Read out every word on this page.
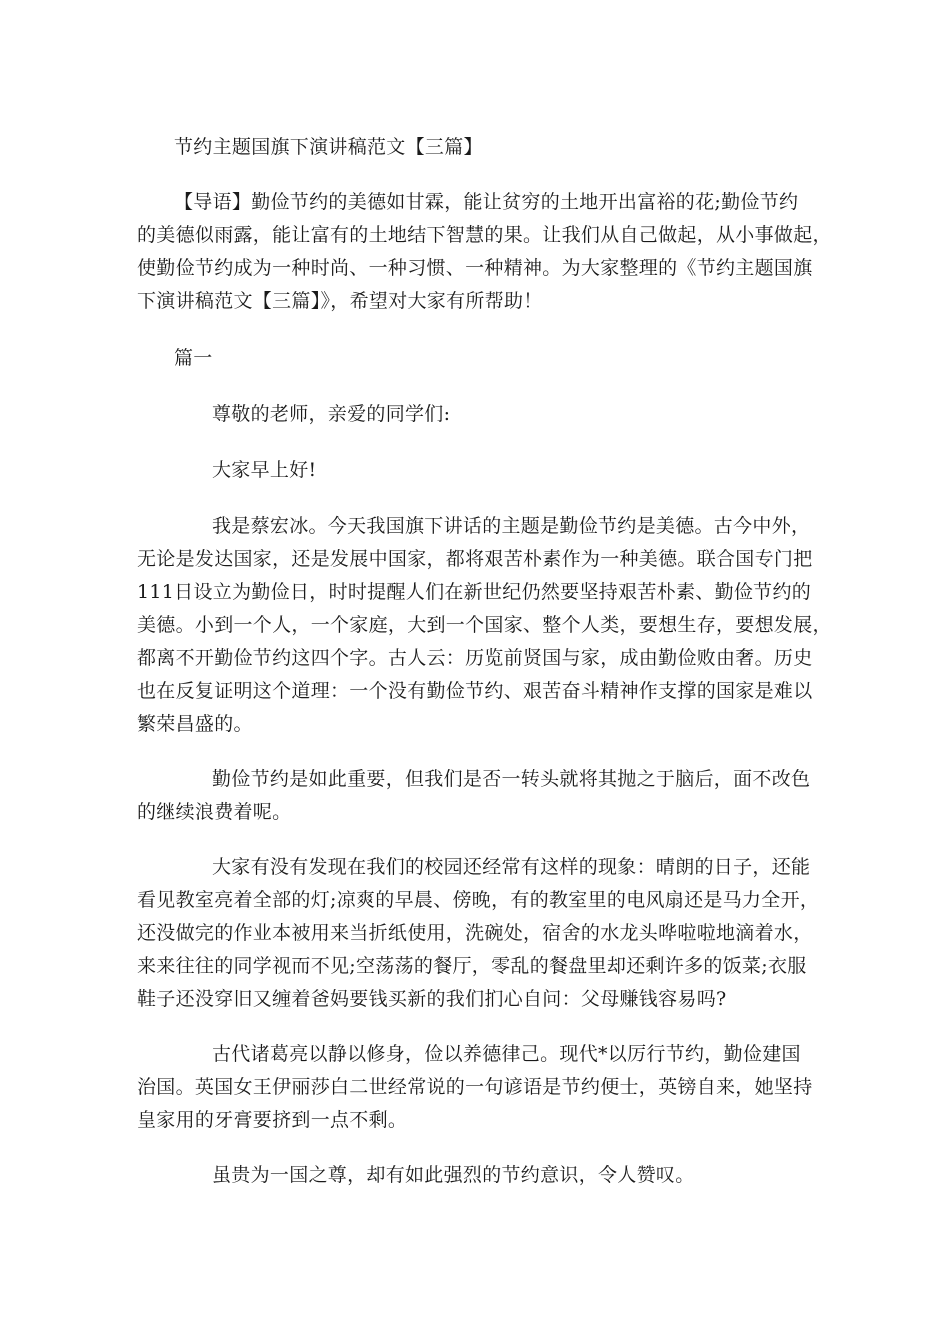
节约主题国旗下演讲稿范文【三篇】
【导语】勤俭节约的美德如甘霖，能让贫穷的土地开出富裕的花;勤俭节约
的美德似雨露，能让富有的土地结下智慧的果。让我们从自己做起，从小事做起，
使勤俭节约成为一种时尚、一种习惯、一种精神。为大家整理的《节约主题国旗
下演讲稿范文【三篇】》，希望对大家有所帮助！
篇一
尊敬的老师，亲爱的同学们:
大家早上好!
我是蔡宏冰。今天我国旗下讲话的主题是勤俭节约是美德。古今中外，
无论是发达国家，还是发展中国家，都将艰苦朴素作为一种美德。联合国专门把
111日设立为勤俭日，时时提醒人们在新世纪仍然要坚持艰苦朴素、勤俭节约的
美德。小到一个人，一个家庭，大到一个国家、整个人类，要想生存，要想发展，
都离不开勤俭节约这四个字。古人云：历览前贤国与家，成由勤俭败由奢。历史
也在反复证明这个道理：一个没有勤俭节约、艰苦奋斗精神作支撑的国家是难以
繁荣昌盛的。
勤俭节约是如此重要，但我们是否一转头就将其抛之于脑后，面不改色
的继续浪费着呢。
大家有没有发现在我们的校园还经常有这样的现象：晴朗的日子，还能
看见教室亮着全部的灯;凉爽的早晨、傍晚，有的教室里的电风扇还是马力全开，
还没做完的作业本被用来当折纸使用，洗碗处，宿舍的水龙头哗啦啦地滴着水，
来来往往的同学视而不见;空荡荡的餐厅，零乱的餐盘里却还剩许多的饭菜;衣服
鞋子还没穿旧又缠着爸妈要钱买新的我们扪心自问：父母赚钱容易吗?
古代诸葛亮以静以修身，俭以养德律己。现代*以厉行节约，勤俭建国
治国。英国女王伊丽莎白二世经常说的一句谚语是节约便士，英镑自来，她坚持
皇家用的牙膏要挤到一点不剩。
虽贵为一国之尊，却有如此强烈的节约意识，令人赞叹。
